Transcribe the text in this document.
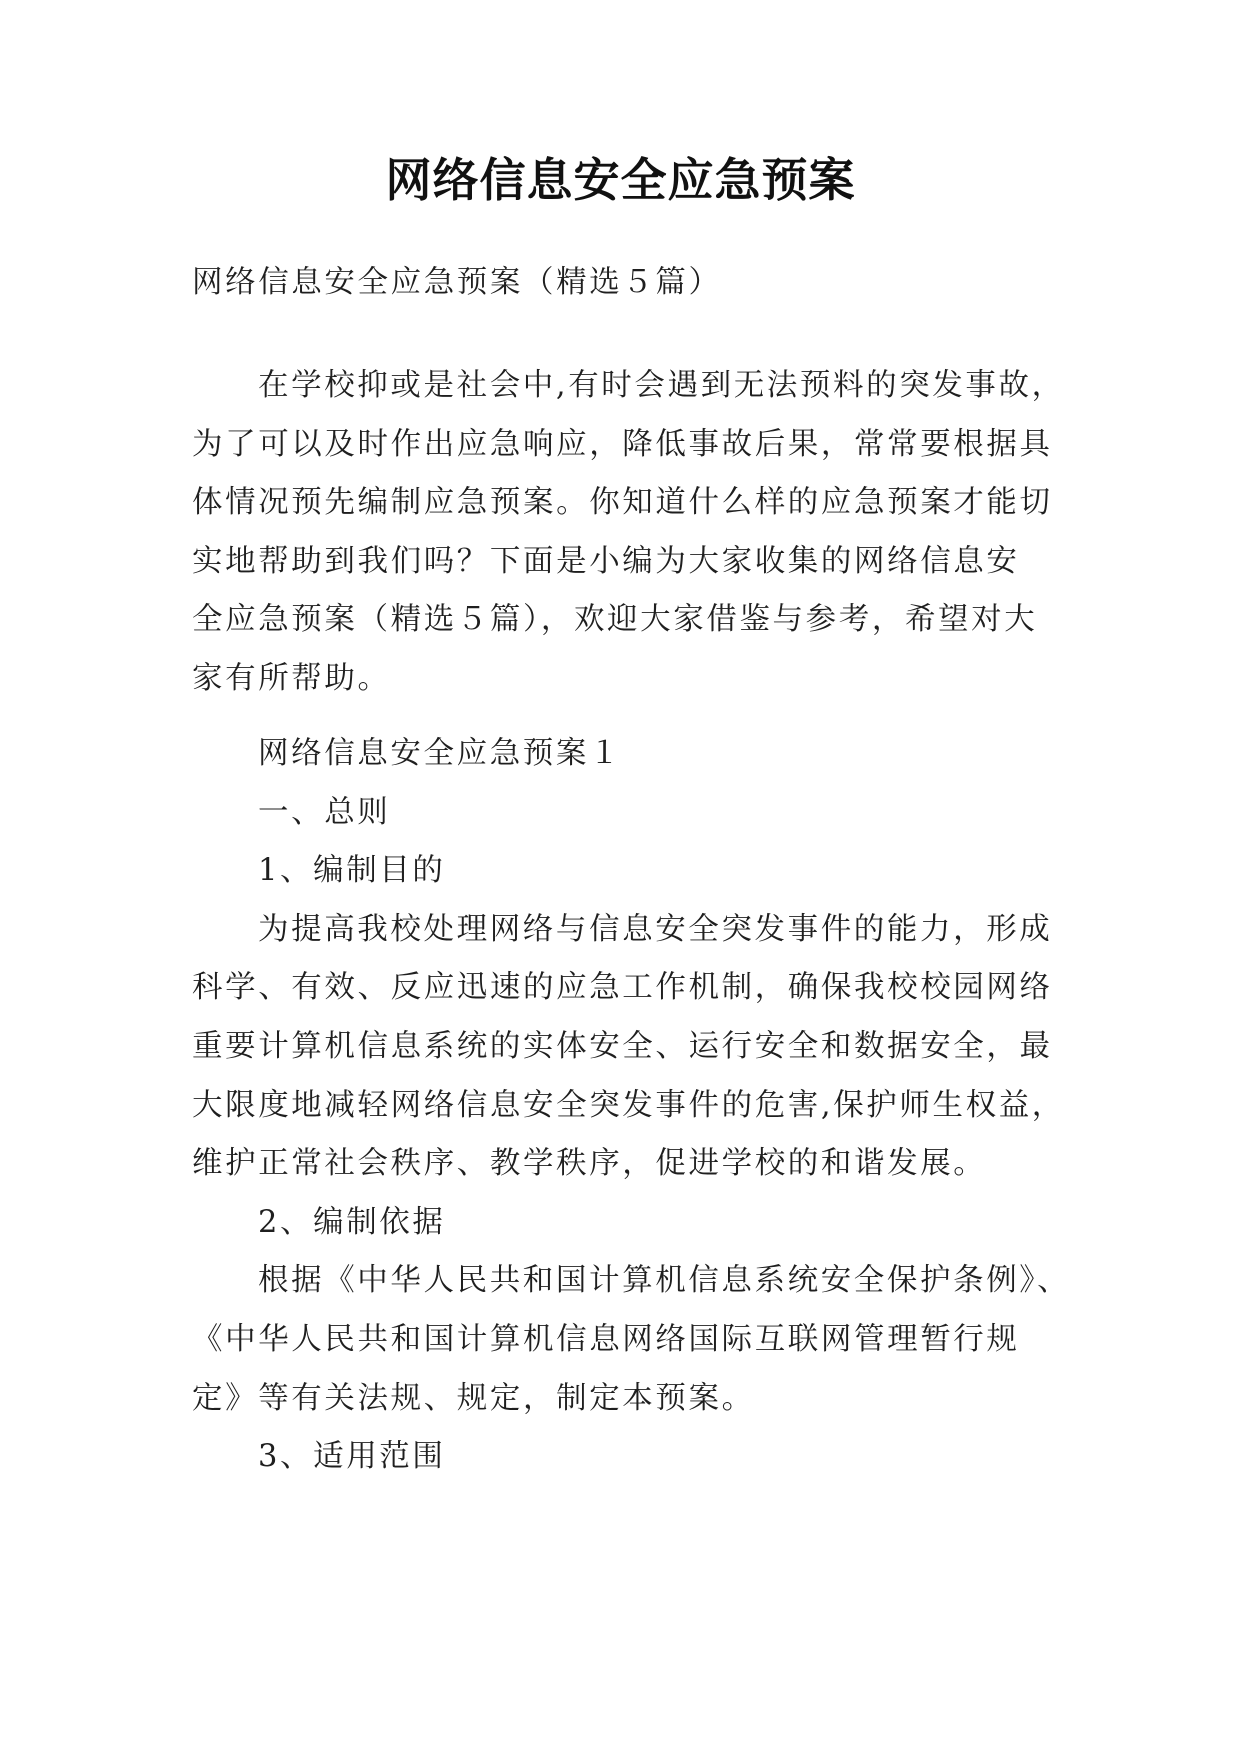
网络信息安全应急预案
网络信息安全应急预案（精选５篇）
在学校抑或是社会中,有时会遇到无法预料的突发事故，
为了可以及时作出应急响应，降低事故后果，常常要根据具
体情况预先编制应急预案。你知道什么样的应急预案才能切
实地帮助到我们吗？下面是小编为大家收集的网络信息安
全应急预案（精选５篇），欢迎大家借鉴与参考，希望对大
家有所帮助。
网络信息安全应急预案１
一、总则
1、编制目的
为提高我校处理网络与信息安全突发事件的能力，形成
科学、有效、反应迅速的应急工作机制，确保我校校园网络
重要计算机信息系统的实体安全、运行安全和数据安全，最
大限度地减轻网络信息安全突发事件的危害,保护师生权益，
维护正常社会秩序、教学秩序，促进学校的和谐发展。
2、编制依据
根据《中华人民共和国计算机信息系统安全保护条例》、
《中华人民共和国计算机信息网络国际互联网管理暂行规
定》等有关法规、规定，制定本预案。
3、适用范围
